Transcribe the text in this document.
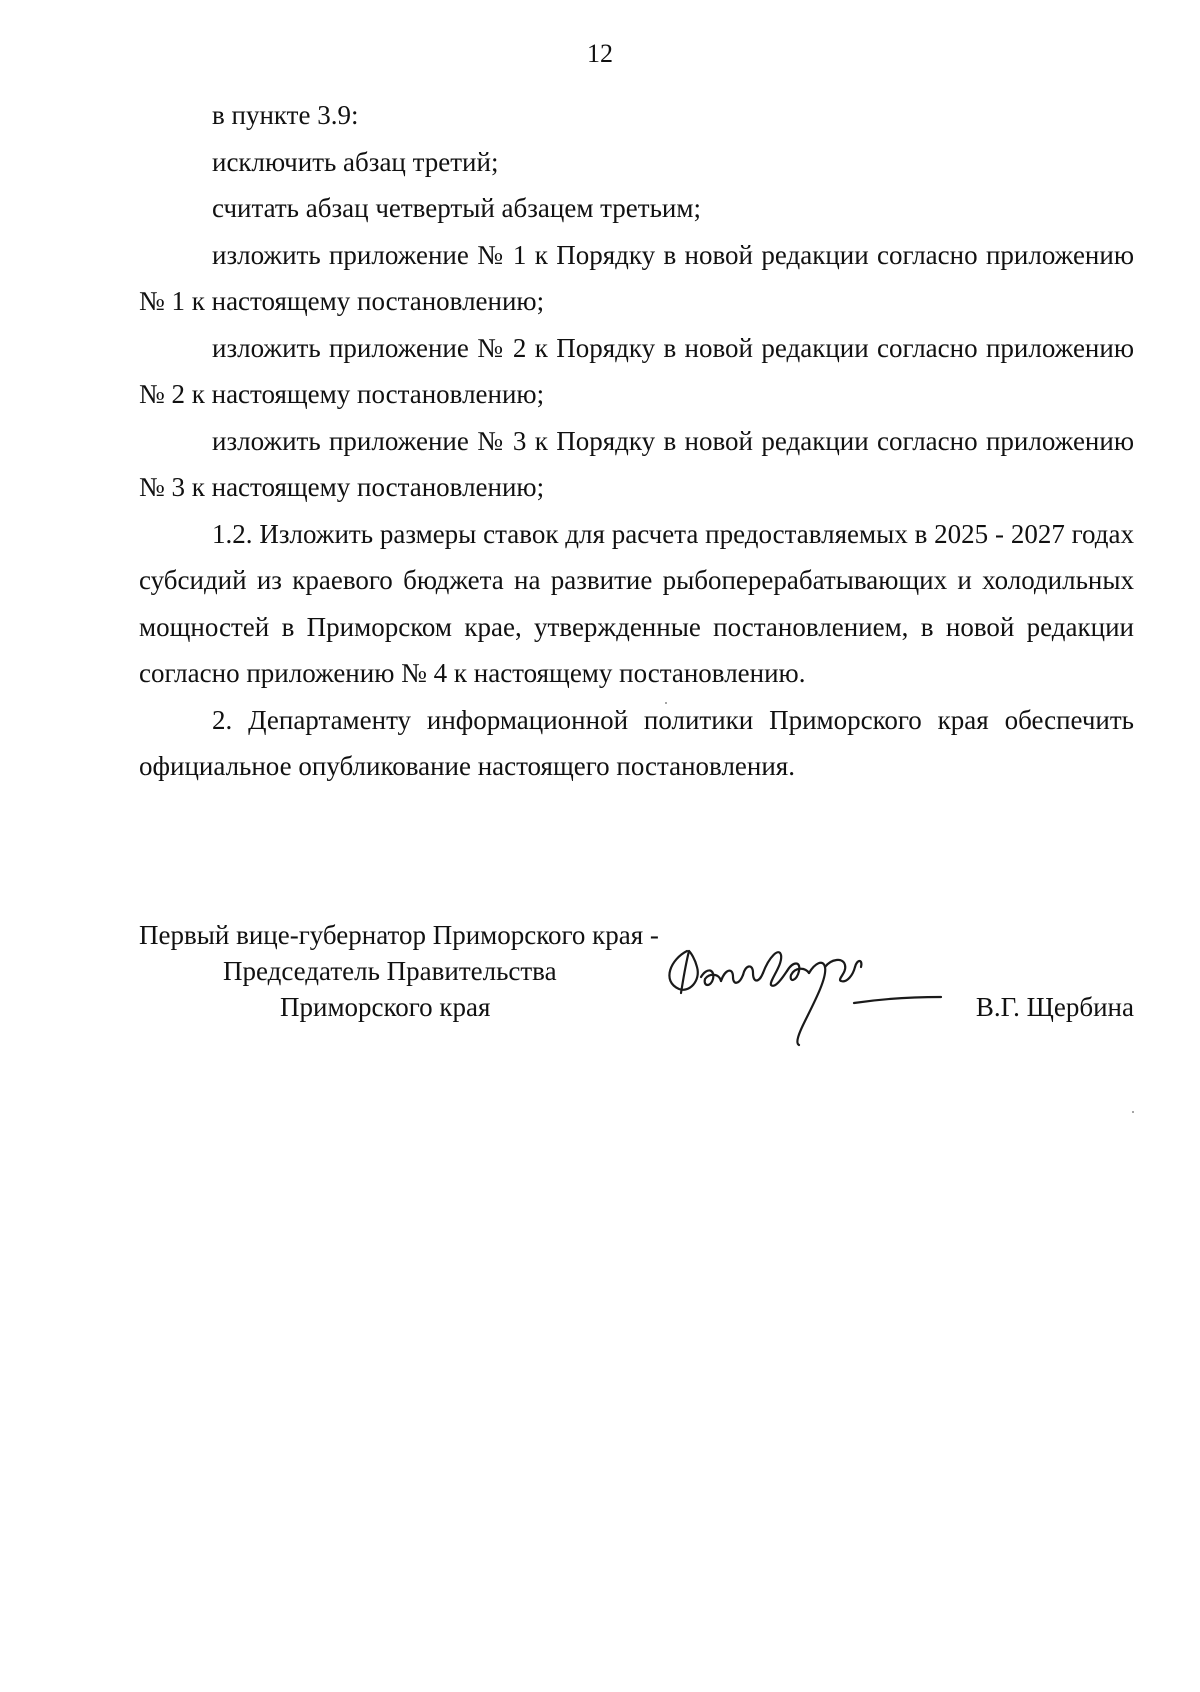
12

в пункте 3.9:

исключить абзац третий;

считать абзац четвертый абзацем третьим;

изложить приложение № 1 к Порядку в новой редакции согласно приложению № 1 к настоящему постановлению;

изложить приложение № 2 к Порядку в новой редакции согласно приложению № 2 к настоящему постановлению;

изложить приложение № 3 к Порядку в новой редакции согласно приложению № 3 к настоящему постановлению;

1.2. Изложить размеры ставок для расчета предоставляемых в 2025 - 2027 годах субсидий из краевого бюджета на развитие рыбоперерабатывающих и холодильных мощностей в Приморском крае, утвержденные постановлением, в новой редакции согласно приложению № 4 к настоящему постановлению.

2. Департаменту информационной политики Приморского края обеспечить официальное опубликование настоящего постановления.

Первый вице-губернатор Приморского края -
Председатель Правительства
Приморского края	В.Г. Щербина
